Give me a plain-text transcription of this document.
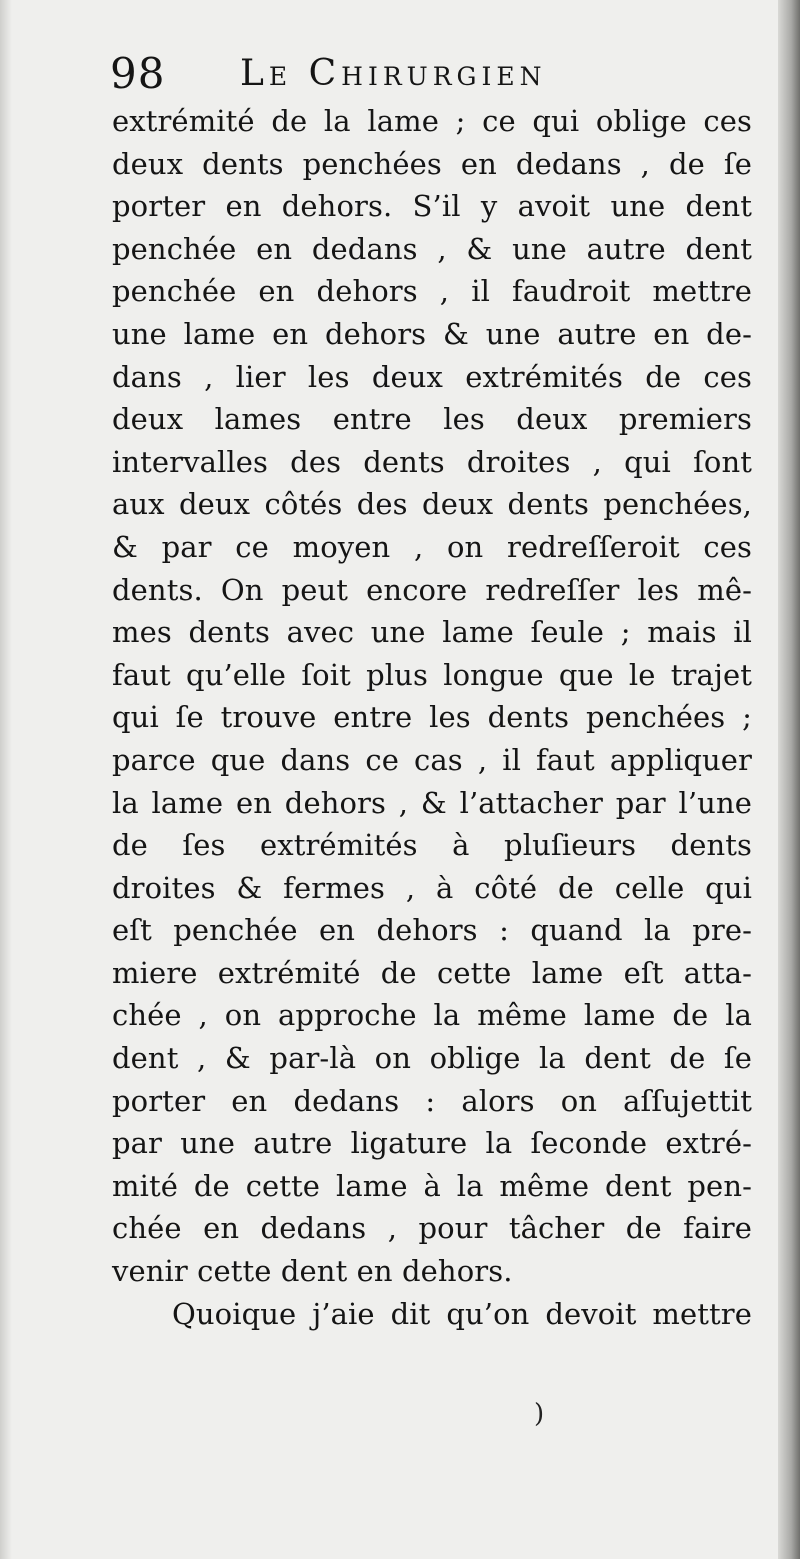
98 Le Chirurgien
extrémité de la lame ; ce qui oblige ces
deux dents penchées en dedans , de ſe
porter en dehors. S’il y avoit une dent
penchée en dedans , & une autre dent
penchée en dehors , il faudroit mettre
une lame en dehors & une autre en de-
dans , lier les deux extrémités de ces
deux lames entre les deux premiers
intervalles des dents droites , qui ſont
aux deux côtés des deux dents penchées,
& par ce moyen , on redreſſeroit ces
dents. On peut encore redreſſer les mê-
mes dents avec une lame ſeule ; mais il
faut qu’elle ſoit plus longue que le trajet
qui ſe trouve entre les dents penchées ;
parce que dans ce cas , il faut appliquer
la lame en dehors , & l’attacher par l’une
de ſes extrémités à pluſieurs dents
droites & fermes , à côté de celle qui
eſt penchée en dehors : quand la pre-
miere extrémité de cette lame eſt atta-
chée , on approche la même lame de la
dent , & par-là on oblige la dent de ſe
porter en dedans : alors on aſſujettit
par une autre ligature la ſeconde extré-
mité de cette lame à la même dent pen-
chée en dedans , pour tâcher de faire
venir cette dent en dehors.
Quoique j’aie dit qu’on devoit mettre
)
